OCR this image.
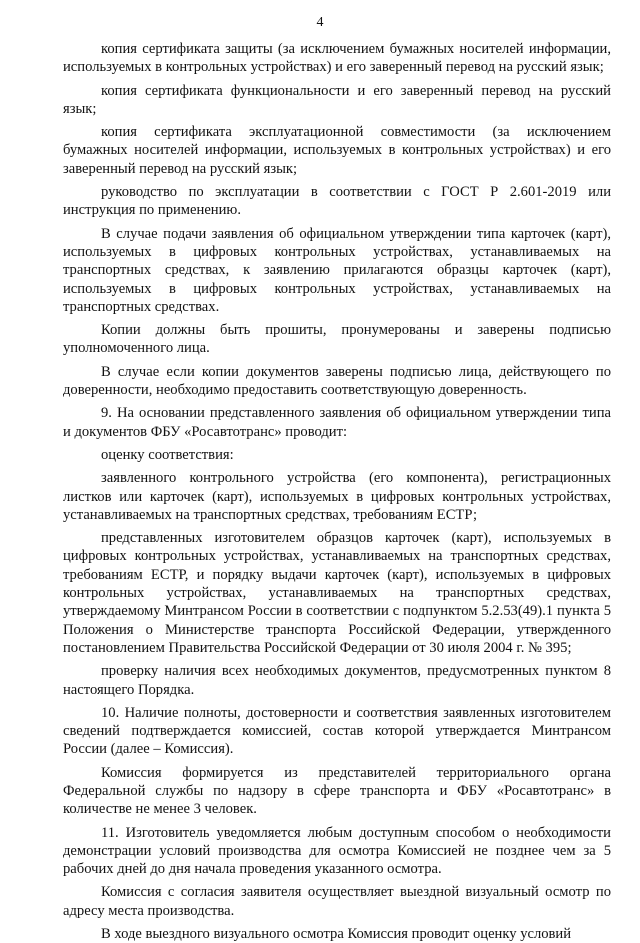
4

копия сертификата защиты (за исключением бумажных носителей информации, используемых в контрольных устройствах) и его заверенный перевод на русский язык;

копия сертификата функциональности и его заверенный перевод на русский язык;

копия сертификата эксплуатационной совместимости (за исключением бумажных носителей информации, используемых в контрольных устройствах) и его заверенный перевод на русский язык;

руководство по эксплуатации в соответствии с ГОСТ Р 2.601-2019 или инструкция по применению.

В случае подачи заявления об официальном утверждении типа карточек (карт), используемых в цифровых контрольных устройствах, устанавливаемых на транспортных средствах, к заявлению прилагаются образцы карточек (карт), используемых в цифровых контрольных устройствах, устанавливаемых на транспортных средствах.

Копии должны быть прошиты, пронумерованы и заверены подписью уполномоченного лица.

В случае если копии документов заверены подписью лица, действующего по доверенности, необходимо предоставить соответствующую доверенность.

9. На основании представленного заявления об официальном утверждении типа и документов ФБУ «Росавтотранс» проводит:

оценку соответствия:

заявленного контрольного устройства (его компонента), регистрационных листков или карточек (карт), используемых в цифровых контрольных устройствах, устанавливаемых на транспортных средствах, требованиям ЕСТР;

представленных изготовителем образцов карточек (карт), используемых в цифровых контрольных устройствах, устанавливаемых на транспортных средствах, требованиям ЕСТР, и порядку выдачи карточек (карт), используемых в цифровых контрольных устройствах, устанавливаемых на транспортных средствах, утверждаемому Минтрансом России в соответствии с подпунктом 5.2.53(49).1 пункта 5 Положения о Министерстве транспорта Российской Федерации, утвержденного постановлением Правительства Российской Федерации от 30 июля 2004 г. № 395;

проверку наличия всех необходимых документов, предусмотренных пунктом 8 настоящего Порядка.

10. Наличие полноты, достоверности и соответствия заявленных изготовителем сведений подтверждается комиссией, состав которой утверждается Минтрансом России (далее – Комиссия).

Комиссия формируется из представителей территориального органа Федеральной службы по надзору в сфере транспорта и ФБУ «Росавтотранс» в количестве не менее 3 человек.

11. Изготовитель уведомляется любым доступным способом о необходимости демонстрации условий производства для осмотра Комиссией не позднее чем за 5 рабочих дней до дня начала проведения указанного осмотра.

Комиссия с согласия заявителя осуществляет выездной визуальный осмотр по адресу места производства.

В ходе выездного визуального осмотра Комиссия проводит оценку условий
